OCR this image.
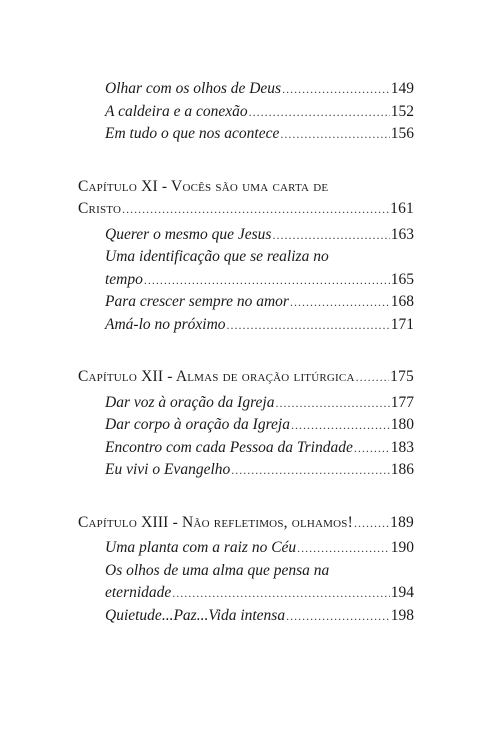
Olhar com os olhos de Deus .....	149
A caldeira e a conexão .....	152
Em tudo o que nos acontece .....	156
Capítulo XI - Vocês são uma carta de
Cristo .....	161
Querer o mesmo que Jesus .....	163
Uma identificação que se realiza no
tempo .....	165
Para crescer sempre no amor .....	168
Amá-lo no próximo .....	171
Capítulo XII - Almas de oração litúrgica ..... 175
Dar voz à oração da Igreja .....	177
Dar corpo à oração da Igreja .....	180
Encontro com cada Pessoa da Trindade ..... 183
Eu vivi o Evangelho .....	186
Capítulo XIII - Não refletimos, olhamos! ..... 189
Uma planta com a raiz no Céu .....	190
Os olhos de uma alma que pensa na
eternidade .....	194
Quietude...Paz...Vida intensa .....	198
